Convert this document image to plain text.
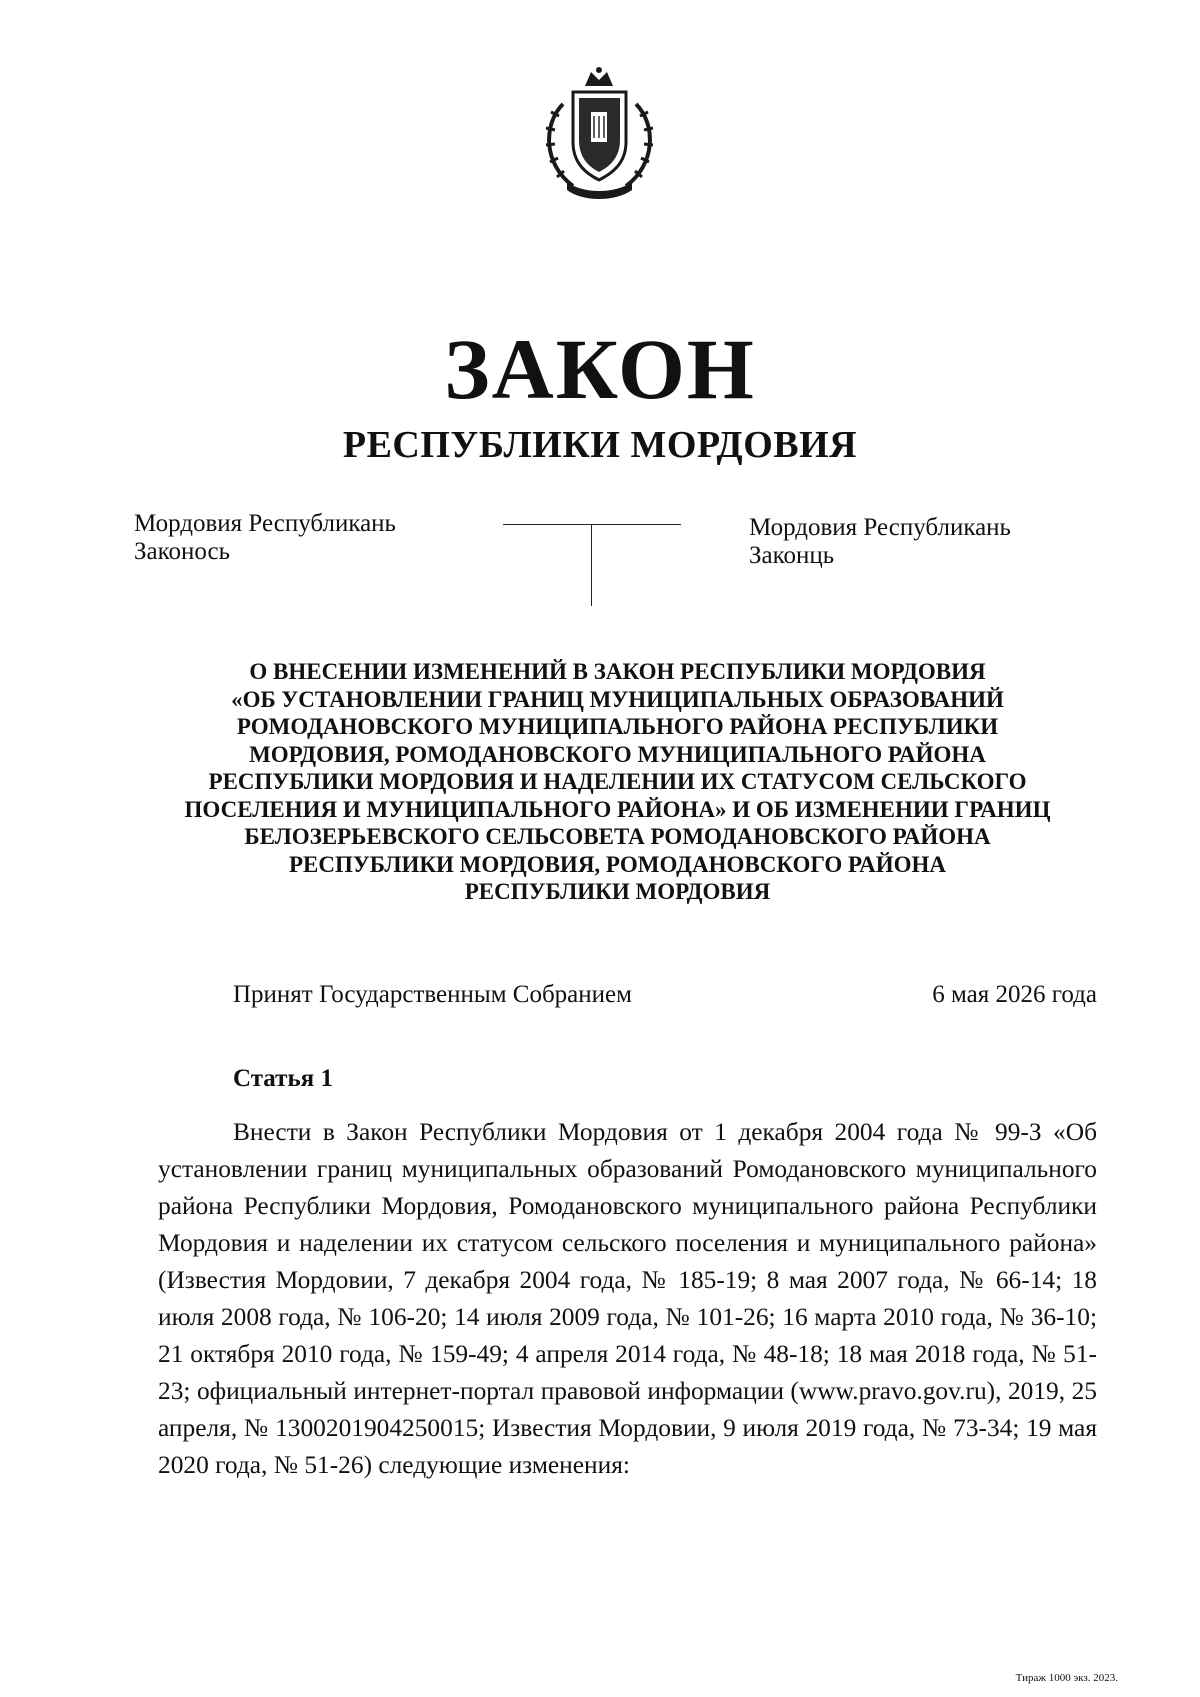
ЗАКОН
РЕСПУБЛИКИ МОРДОВИЯ
Мордовия Республикань
Законось
Мордовия Республикань
Законць
О ВНЕСЕНИИ ИЗМЕНЕНИЙ В ЗАКОН РЕСПУБЛИКИ МОРДОВИЯ
«ОБ УСТАНОВЛЕНИИ ГРАНИЦ МУНИЦИПАЛЬНЫХ ОБРАЗОВАНИЙ
РОМОДАНОВСКОГО МУНИЦИПАЛЬНОГО РАЙОНА РЕСПУБЛИКИ
МОРДОВИЯ, РОМОДАНОВСКОГО МУНИЦИПАЛЬНОГО РАЙОНА
РЕСПУБЛИКИ МОРДОВИЯ И НАДЕЛЕНИИ ИХ СТАТУСОМ СЕЛЬСКОГО
ПОСЕЛЕНИЯ И МУНИЦИПАЛЬНОГО РАЙОНА» И ОБ ИЗМЕНЕНИИ ГРАНИЦ
БЕЛОЗЕРЬЕВСКОГО СЕЛЬСОВЕТА РОМОДАНОВСКОГО РАЙОНА
РЕСПУБЛИКИ МОРДОВИЯ, РОМОДАНОВСКОГО РАЙОНА
РЕСПУБЛИКИ МОРДОВИЯ
Принят Государственным Собранием	6 мая 2026 года
Статья 1

Внести в Закон Республики Мордовия от 1 декабря 2004 года № 99-З «Об установлении границ муниципальных образований Ромодановского муниципального района Республики Мордовия, Ромодановского муниципального района Республики Мордовия и наделении их статусом сельского поселения и муниципального района» (Известия Мордовии, 7 декабря 2004 года, № 185-19; 8 мая 2007 года, № 66-14; 18 июля 2008 года, № 106-20; 14 июля 2009 года, № 101-26; 16 марта 2010 года, № 36-10; 21 октября 2010 года, № 159-49; 4 апреля 2014 года, № 48-18; 18 мая 2018 года, № 51-23; официальный интернет-портал правовой информации (www.pravo.gov.ru), 2019, 25 апреля, № 1300201904250015; Известия Мордовии, 9 июля 2019 года, № 73-34; 19 мая 2020 года, № 51-26) следующие изменения:

Тираж 1000 экз. 2023.
